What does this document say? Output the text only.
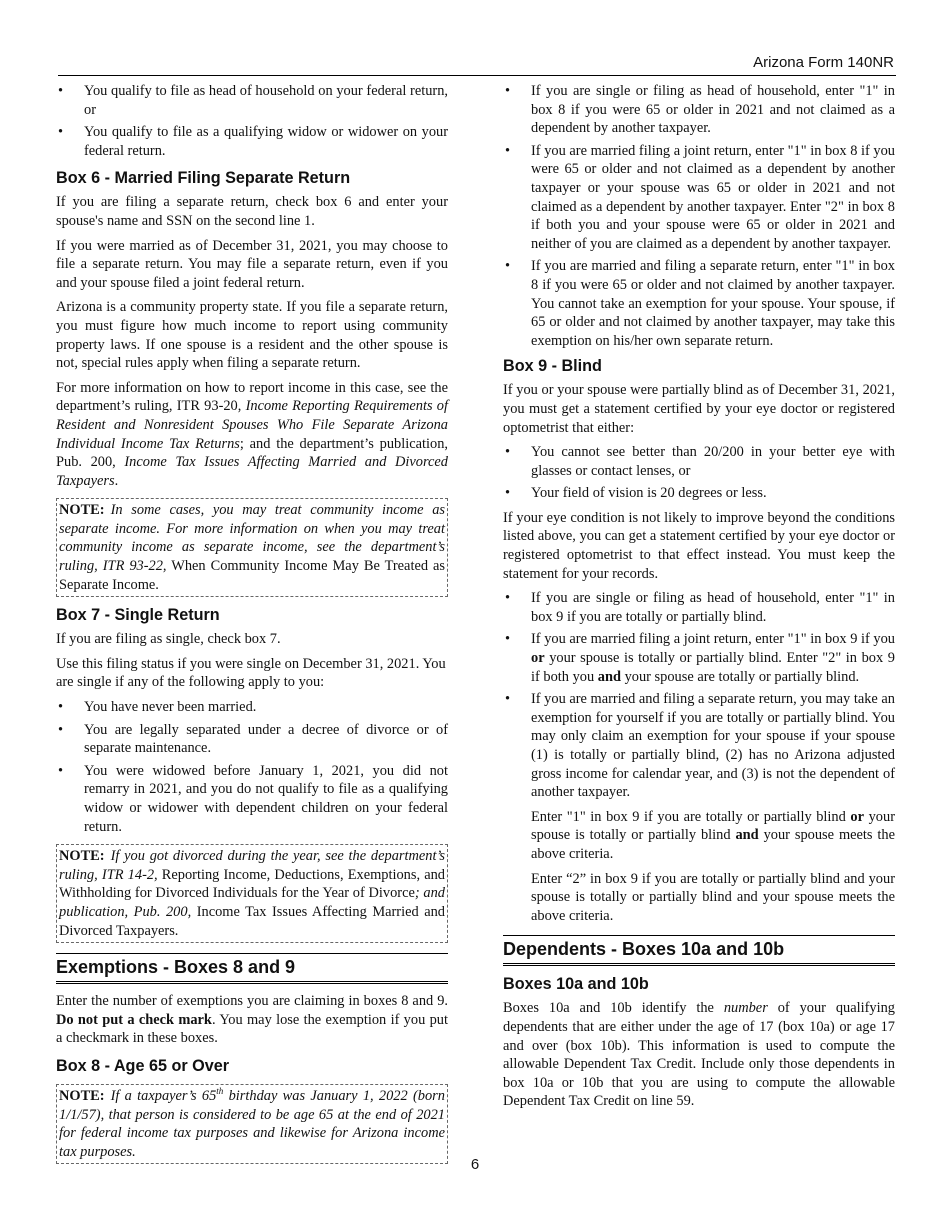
Arizona Form 140NR
• You qualify to file as head of household on your federal return, or
• You qualify to file as a qualifying widow or widower on your federal return.
Box 6 - Married Filing Separate Return

If you are filing a separate return, check box 6 and enter your spouse's name and SSN on the second line 1.

If you were married as of December 31, 2021, you may choose to file a separate return. You may file a separate return, even if you and your spouse filed a joint federal return.

Arizona is a community property state. If you file a separate return, you must figure how much income to report using community property laws. If one spouse is a resident and the other spouse is not, special rules apply when filing a separate return.

For more information on how to report income in this case, see the department’s ruling, ITR 93-20, Income Reporting Requirements of Resident and Nonresident Spouses Who File Separate Arizona Individual Income Tax Returns; and the department’s publication, Pub. 200, Income Tax Issues Affecting Married and Divorced Taxpayers.

NOTE: In some cases, you may treat community income as separate income. For more information on when you may treat community income as separate income, see the department’s ruling, ITR 93-22, When Community Income May Be Treated as Separate Income.
Box 7 - Single Return

If you are filing as single, check box 7.

Use this filing status if you were single on December 31, 2021. You are single if any of the following apply to you:

• You have never been married.
• You are legally separated under a decree of divorce or of separate maintenance.
• You were widowed before January 1, 2021, you did not remarry in 2021, and you do not qualify to file as a qualifying widow or widower with dependent children on your federal return.
NOTE: If you got divorced during the year, see the department’s ruling, ITR 14-2, Reporting Income, Deductions, Exemptions, and Withholding for Divorced Individuals for the Year of Divorce; and publication, Pub. 200, Income Tax Issues Affecting Married and Divorced Taxpayers.
Exemptions - Boxes 8 and 9

Enter the number of exemptions you are claiming in boxes 8 and 9. Do not put a check mark. You may lose the exemption if you put a checkmark in these boxes.

Box 8 - Age 65 or Over
NOTE: If a taxpayer’s 65th birthday was January 1, 2022 (born 1/1/57), that person is considered to be age 65 at the end of 2021 for federal income tax purposes and likewise for Arizona income tax purposes.
• If you are single or filing as head of household, enter "1" in box 8 if you were 65 or older in 2021 and not claimed as a dependent by another taxpayer.
• If you are married filing a joint return, enter "1" in box 8 if you were 65 or older and not claimed as a dependent by another taxpayer or your spouse was 65 or older in 2021 and not claimed as a dependent by another taxpayer. Enter "2" in box 8 if both you and your spouse were 65 or older in 2021 and neither of you are claimed as a dependent by another taxpayer.
• If you are married and filing a separate return, enter "1" in box 8 if you were 65 or older and not claimed by another taxpayer. You cannot take an exemption for your spouse. Your spouse, if 65 or older and not claimed by another taxpayer, may take this exemption on his/her own separate return.
Box 9 - Blind

If you or your spouse were partially blind as of December 31, 2021, you must get a statement certified by your eye doctor or registered optometrist that either:

• You cannot see better than 20/200 in your better eye with glasses or contact lenses, or
• Your field of vision is 20 degrees or less.

If your eye condition is not likely to improve beyond the conditions listed above, you can get a statement certified by your eye doctor or registered optometrist to that effect instead. You must keep the statement for your records.

• If you are single or filing as head of household, enter "1" in box 9 if you are totally or partially blind.
• If you are married filing a joint return, enter "1" in box 9 if you or your spouse is totally or partially blind. Enter "2" in box 9 if both you and your spouse are totally or partially blind.
• If you are married and filing a separate return, you may take an exemption for yourself if you are totally or partially blind. You may only claim an exemption for your spouse if your spouse (1) is totally or partially blind, (2) has no Arizona adjusted gross income for calendar year, and (3) is not the dependent of another taxpayer.

Enter "1" in box 9 if you are totally or partially blind or your spouse is totally or partially blind and your spouse meets the above criteria.

Enter “2” in box 9 if you are totally or partially blind and your spouse is totally or partially blind and your spouse meets the above criteria.

Dependents - Boxes 10a and 10b
Boxes 10a and 10b

Boxes 10a and 10b identify the number of your qualifying dependents that are either under the age of 17 (box 10a) or age 17 and over (box 10b). This information is used to compute the allowable Dependent Tax Credit. Include only those dependents in box 10a or 10b that you are using to compute the allowable Dependent Tax Credit on line 59.

6
